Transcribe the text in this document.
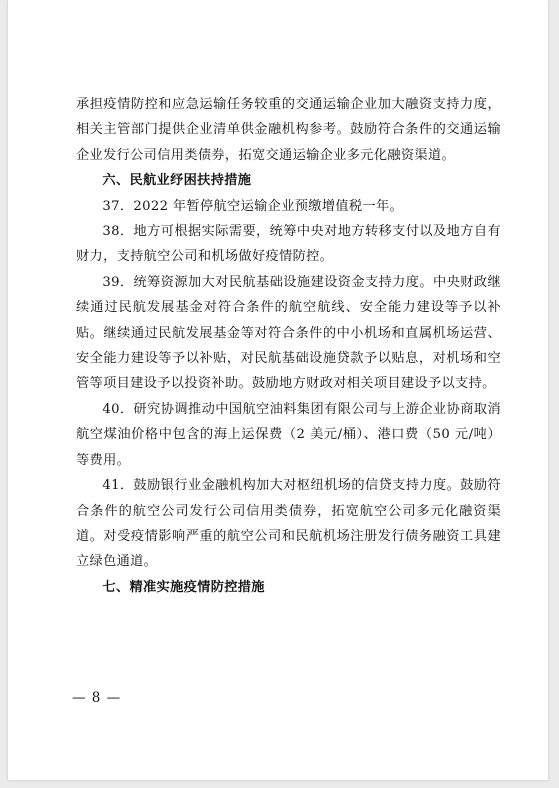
承担疫情防控和应急运输任务较重的交通运输企业加大融资支持力度，相关主管部门提供企业清单供金融机构参考。鼓励符合条件的交通运输企业发行公司信用类债券，拓宽交通运输企业多元化融资渠道。

六、民航业纾困扶持措施

37．2022 年暂停航空运输企业预缴增值税一年。

38．地方可根据实际需要，统筹中央对地方转移支付以及地方自有财力，支持航空公司和机场做好疫情防控。

39．统筹资源加大对民航基础设施建设资金支持力度。中央财政继续通过民航发展基金对符合条件的航空航线、安全能力建设等予以补贴。继续通过民航发展基金等对符合条件的中小机场和直属机场运营、安全能力建设等予以补贴，对民航基础设施贷款予以贴息，对机场和空管等项目建设予以投资补助。鼓励地方财政对相关项目建设予以支持。

40．研究协调推动中国航空油料集团有限公司与上游企业协商取消航空煤油价格中包含的海上运保费（2 美元/桶）、港口费（50 元/吨）等费用。

41．鼓励银行业金融机构加大对枢纽机场的信贷支持力度。鼓励符合条件的航空公司发行公司信用类债券，拓宽航空公司多元化融资渠道。对受疫情影响严重的航空公司和民航机场注册发行债务融资工具建立绿色通道。

七、精准实施疫情防控措施

— 8 —
